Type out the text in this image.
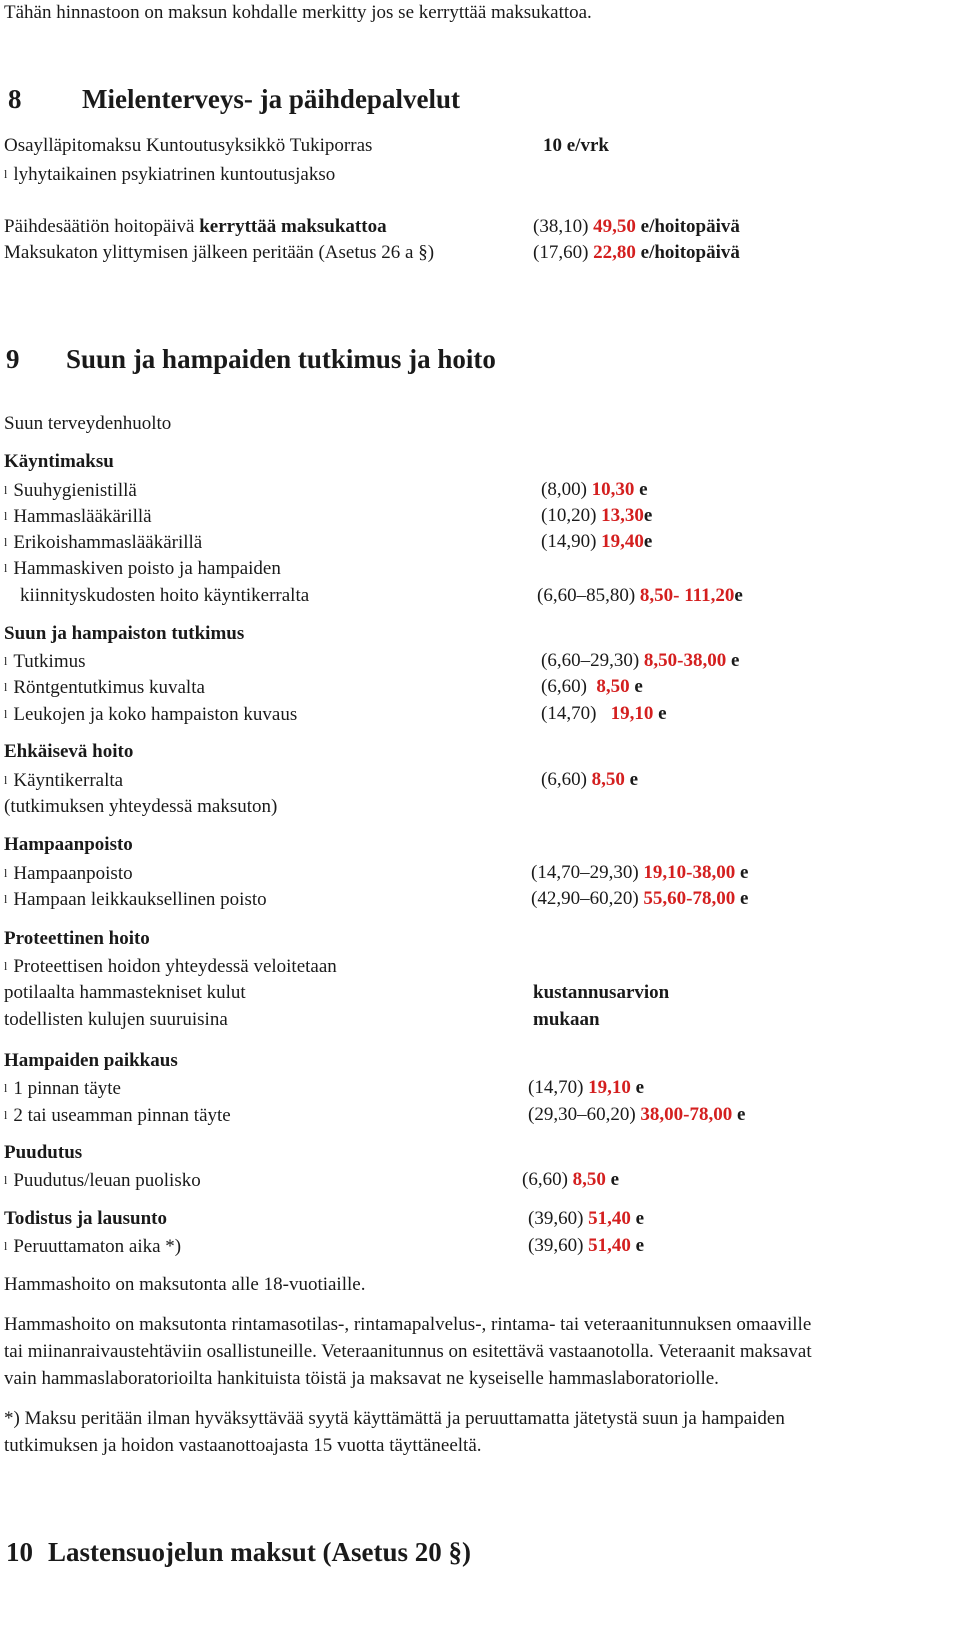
Tähän hinnastoon on maksun kohdalle merkitty jos se kerryttää maksukattoa.
8 Mielenterveys- ja päihdepalvelut
Osaylläpitomaksu Kuntoutusyksikkö Tukiporras	10 e/vrk
l lyhytaikainen psykiatrinen kuntoutusjakso
Päihdesäätiön hoitopäivä kerryttää maksukattoa	(38,10) 49,50 e/hoitopäivä
Maksukaton ylittymisen jälkeen peritään (Asetus 26 a §)	(17,60) 22,80 e/hoitopäivä
9 Suun ja hampaiden tutkimus ja hoito
Suun terveydenhuolto
Käyntimaksu
l Suuhygienistillä	(8,00) 10,30 e
l Hammaslääkärillä	(10,20) 13,30e
l Erikoishammaslääkärillä	(14,90) 19,40e
l Hammaskiven poisto ja hampaiden
kiinnityskudosten hoito käyntikerralta	(6,60–85,80) 8,50- 111,20e
Suun ja hampaiston tutkimus
l Tutkimus	(6,60–29,30) 8,50-38,00 e
l Röntgentutkimus kuvalta	(6,60) 8,50 e
l Leukojen ja koko hampaiston kuvaus	(14,70) 19,10 e
Ehkäisevä hoito
l Käyntikerralta	(6,60) 8,50 e
(tutkimuksen yhteydessä maksuton)
Hampaanpoisto
l Hampaanpoisto	(14,70–29,30) 19,10-38,00 e
l Hampaan leikkauksellinen poisto	(42,90–60,20) 55,60-78,00 e
Proteettinen hoito
l Proteettisen hoidon yhteydessä veloitetaan
potilaalta hammastekniset kulut	kustannusarvion
todellisten kulujen suuruisina	mukaan
Hampaiden paikkaus
l 1 pinnan täyte	(14,70) 19,10 e
l 2 tai useamman pinnan täyte	(29,30–60,20) 38,00-78,00 e
Puudutus
l Puudutus/leuan puolisko	(6,60) 8,50 e
Todistus ja lausunto	(39,60) 51,40 e
l Peruuttamaton aika *)	(39,60) 51,40 e
Hammashoito on maksutonta alle 18-vuotiaille.
Hammashoito on maksutonta rintamasotilas-, rintamapalvelus-, rintama- tai veteraanitunnuksen omaaville
tai miinanraivaustehtäviin osallistuneille. Veteraanitunnus on esitettävä vastaanotolla. Veteraanit maksavat
vain hammaslaboratorioilta hankituista töistä ja maksavat ne kyseiselle hammaslaboratoriolle.
*) Maksu peritään ilman hyväksyttävää syytä käyttämättä ja peruuttamatta jätetystä suun ja hampaiden
tutkimuksen ja hoidon vastaanottoajasta 15 vuotta täyttäneeltä.
10 Lastensuojelun maksut (Asetus 20 §)
